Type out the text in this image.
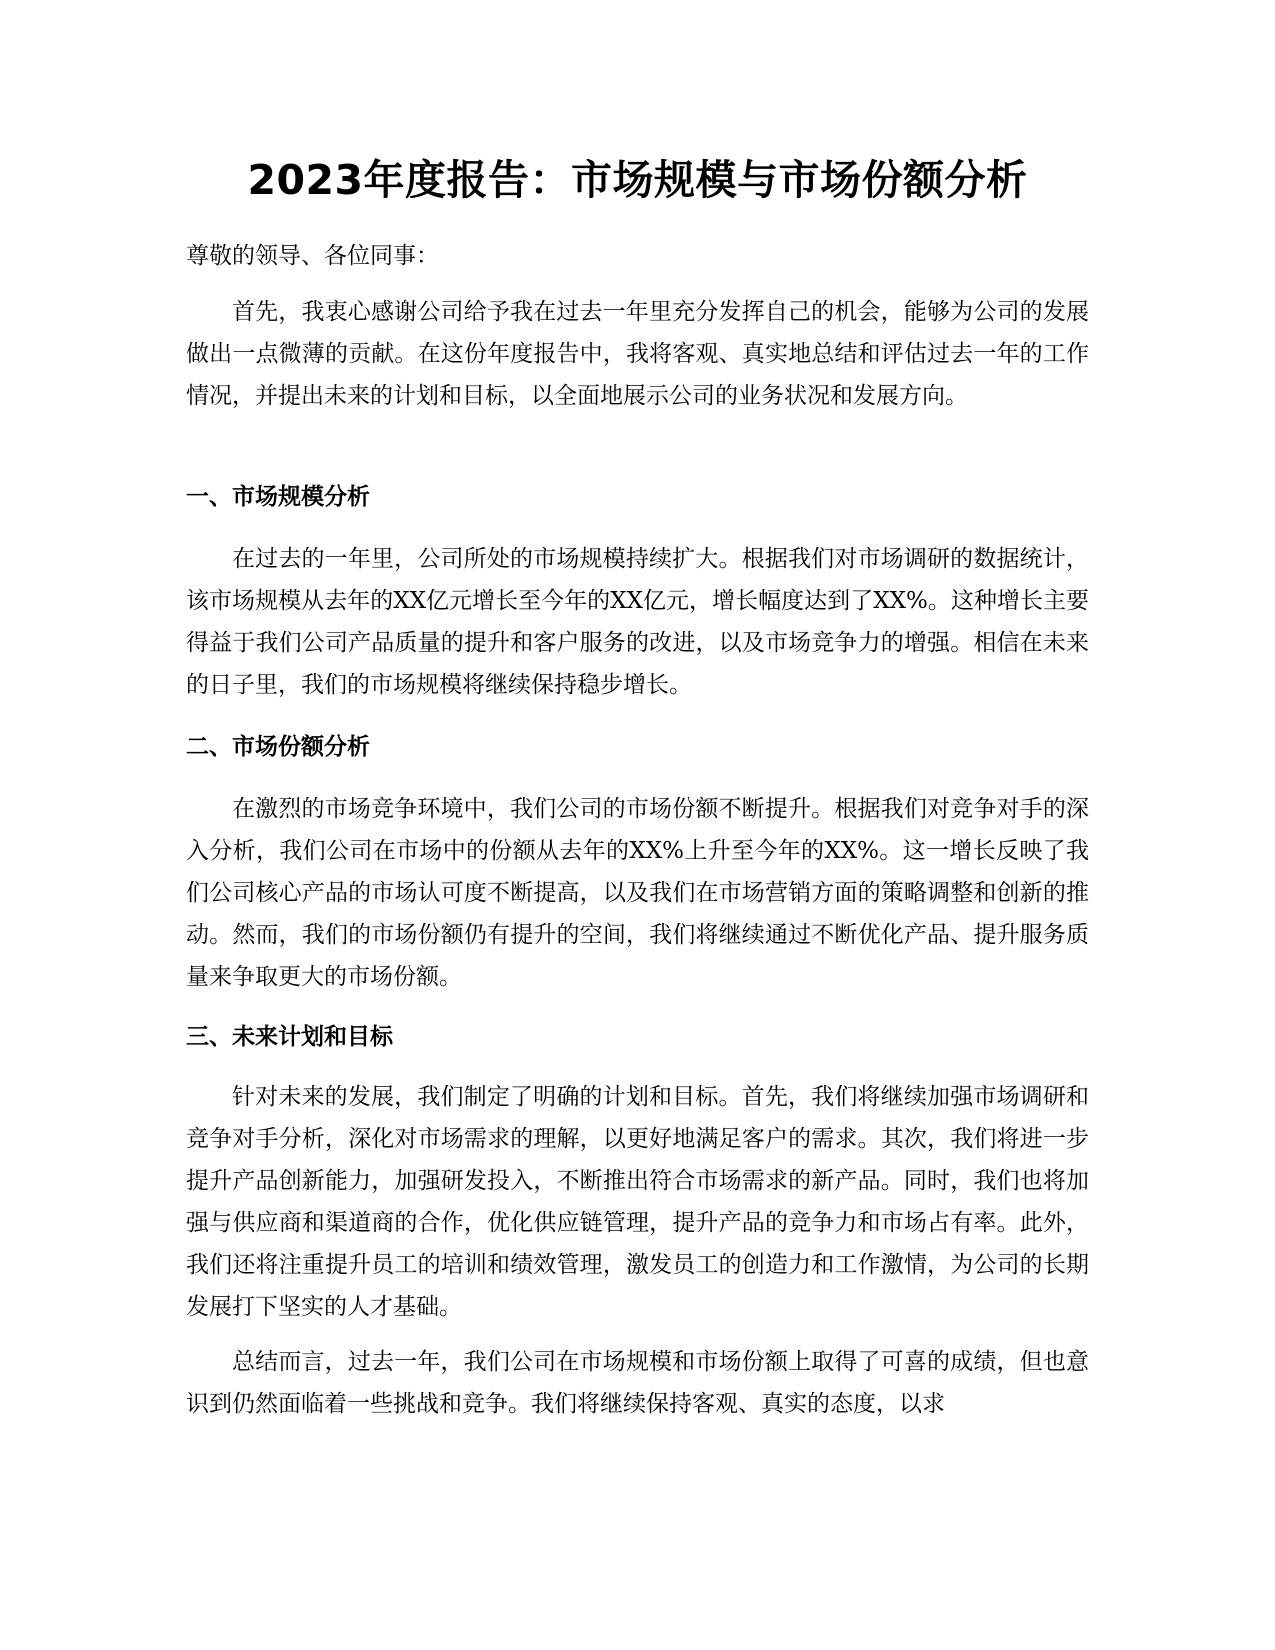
2023年度报告：市场规模与市场份额分析

尊敬的领导、各位同事：

首先，我衷心感谢公司给予我在过去一年里充分发挥自己的机会，能够为公司的发展做出一点微薄的贡献。在这份年度报告中，我将客观、真实地总结和评估过去一年的工作情况，并提出未来的计划和目标，以全面地展示公司的业务状况和发展方向。

一、市场规模分析

在过去的一年里，公司所处的市场规模持续扩大。根据我们对市场调研的数据统计，该市场规模从去年的XX亿元增长至今年的XX亿元，增长幅度达到了XX%。这种增长主要得益于我们公司产品质量的提升和客户服务的改进，以及市场竞争力的增强。相信在未来的日子里，我们的市场规模将继续保持稳步增长。

二、市场份额分析

在激烈的市场竞争环境中，我们公司的市场份额不断提升。根据我们对竞争对手的深入分析，我们公司在市场中的份额从去年的XX%上升至今年的XX%。这一增长反映了我们公司核心产品的市场认可度不断提高，以及我们在市场营销方面的策略调整和创新的推动。然而，我们的市场份额仍有提升的空间，我们将继续通过不断优化产品、提升服务质量来争取更大的市场份额。

三、未来计划和目标

针对未来的发展，我们制定了明确的计划和目标。首先，我们将继续加强市场调研和竞争对手分析，深化对市场需求的理解，以更好地满足客户的需求。其次，我们将进一步提升产品创新能力，加强研发投入，不断推出符合市场需求的新产品。同时，我们也将加强与供应商和渠道商的合作，优化供应链管理，提升产品的竞争力和市场占有率。此外，我们还将注重提升员工的培训和绩效管理，激发员工的创造力和工作激情，为公司的长期发展打下坚实的人才基础。

总结而言，过去一年，我们公司在市场规模和市场份额上取得了可喜的成绩，但也意识到仍然面临着一些挑战和竞争。我们将继续保持客观、真实的态度，以求
